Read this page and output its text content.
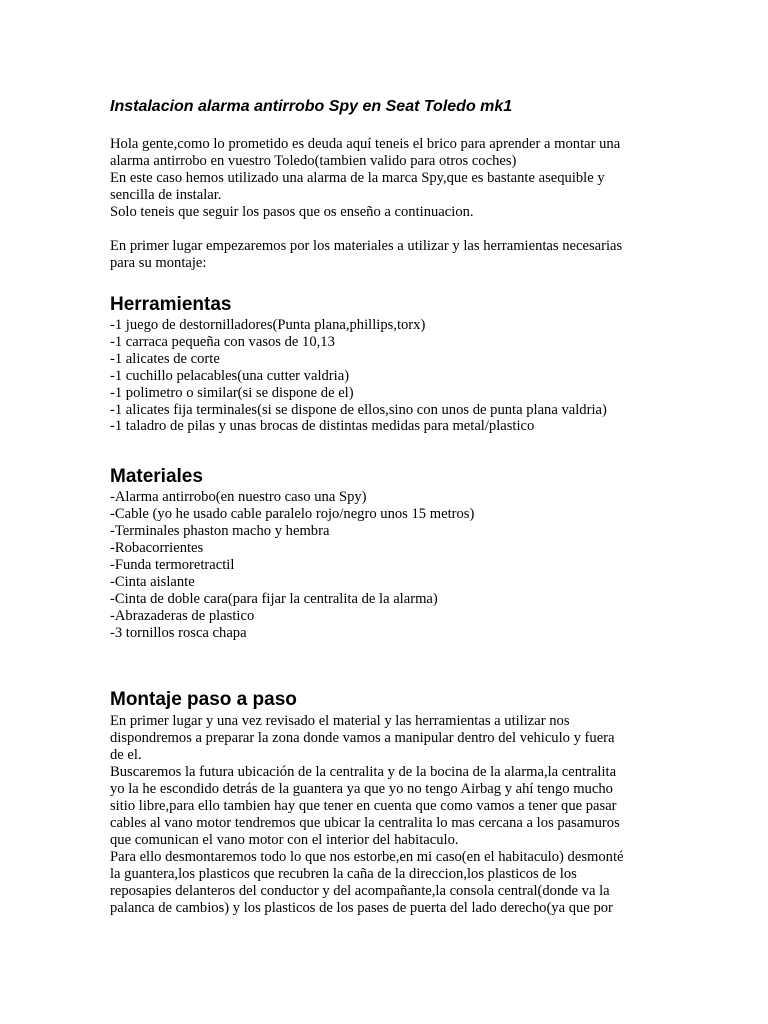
Instalacion alarma antirrobo Spy en Seat Toledo mk1

Hola gente,como lo prometido es deuda aquí teneis el brico para aprender a montar una
alarma antirrobo en vuestro Toledo(tambien valido para otros coches)
En este caso hemos utilizado una alarma de la marca Spy,que es bastante asequible y
sencilla de instalar.
Solo teneis que seguir los pasos que os enseño a continuacion.

En primer lugar empezaremos por los materiales a utilizar y las herramientas necesarias
para su montaje:

Herramientas
-1 juego de destornilladores(Punta plana,phillips,torx)
-1 carraca pequeña con vasos de 10,13
-1 alicates de corte
-1 cuchillo pelacables(una cutter valdria)
-1 polimetro o similar(si se dispone de el)
-1 alicates fija terminales(si se dispone de ellos,sino con unos de punta plana valdria)
-1 taladro de pilas y unas brocas de distintas medidas para metal/plastico
Materiales
-Alarma antirrobo(en nuestro caso una Spy)
-Cable (yo he usado cable paralelo rojo/negro unos 15 metros)
-Terminales phaston macho y hembra
-Robacorrientes
-Funda termoretractil
-Cinta aislante
-Cinta de doble cara(para fijar la centralita de la alarma)
-Abrazaderas de plastico
-3 tornillos rosca chapa
Montaje paso a paso

En primer lugar y una vez revisado el material y las herramientas a utilizar nos
dispondremos a preparar la zona donde vamos a manipular dentro del vehiculo y fuera
de el.
Buscaremos la futura ubicación de la centralita y de la bocina de la alarma,la centralita
yo la he escondido detrás de la guantera ya que yo no tengo Airbag y ahí tengo mucho
sitio libre,para ello tambien hay que tener en cuenta que como vamos a tener que pasar
cables al vano motor tendremos que ubicar la centralita lo mas cercana a los pasamuros
que comunican el vano motor con el interior del habitaculo.
Para ello desmontaremos todo lo que nos estorbe,en mi caso(en el habitaculo) desmonté
la guantera,los plasticos que recubren la caña de la direccion,los plasticos de los
reposapies delanteros del conductor y del acompañante,la consola central(donde va la
palanca de cambios) y los plasticos de los pases de puerta del lado derecho(ya que por
